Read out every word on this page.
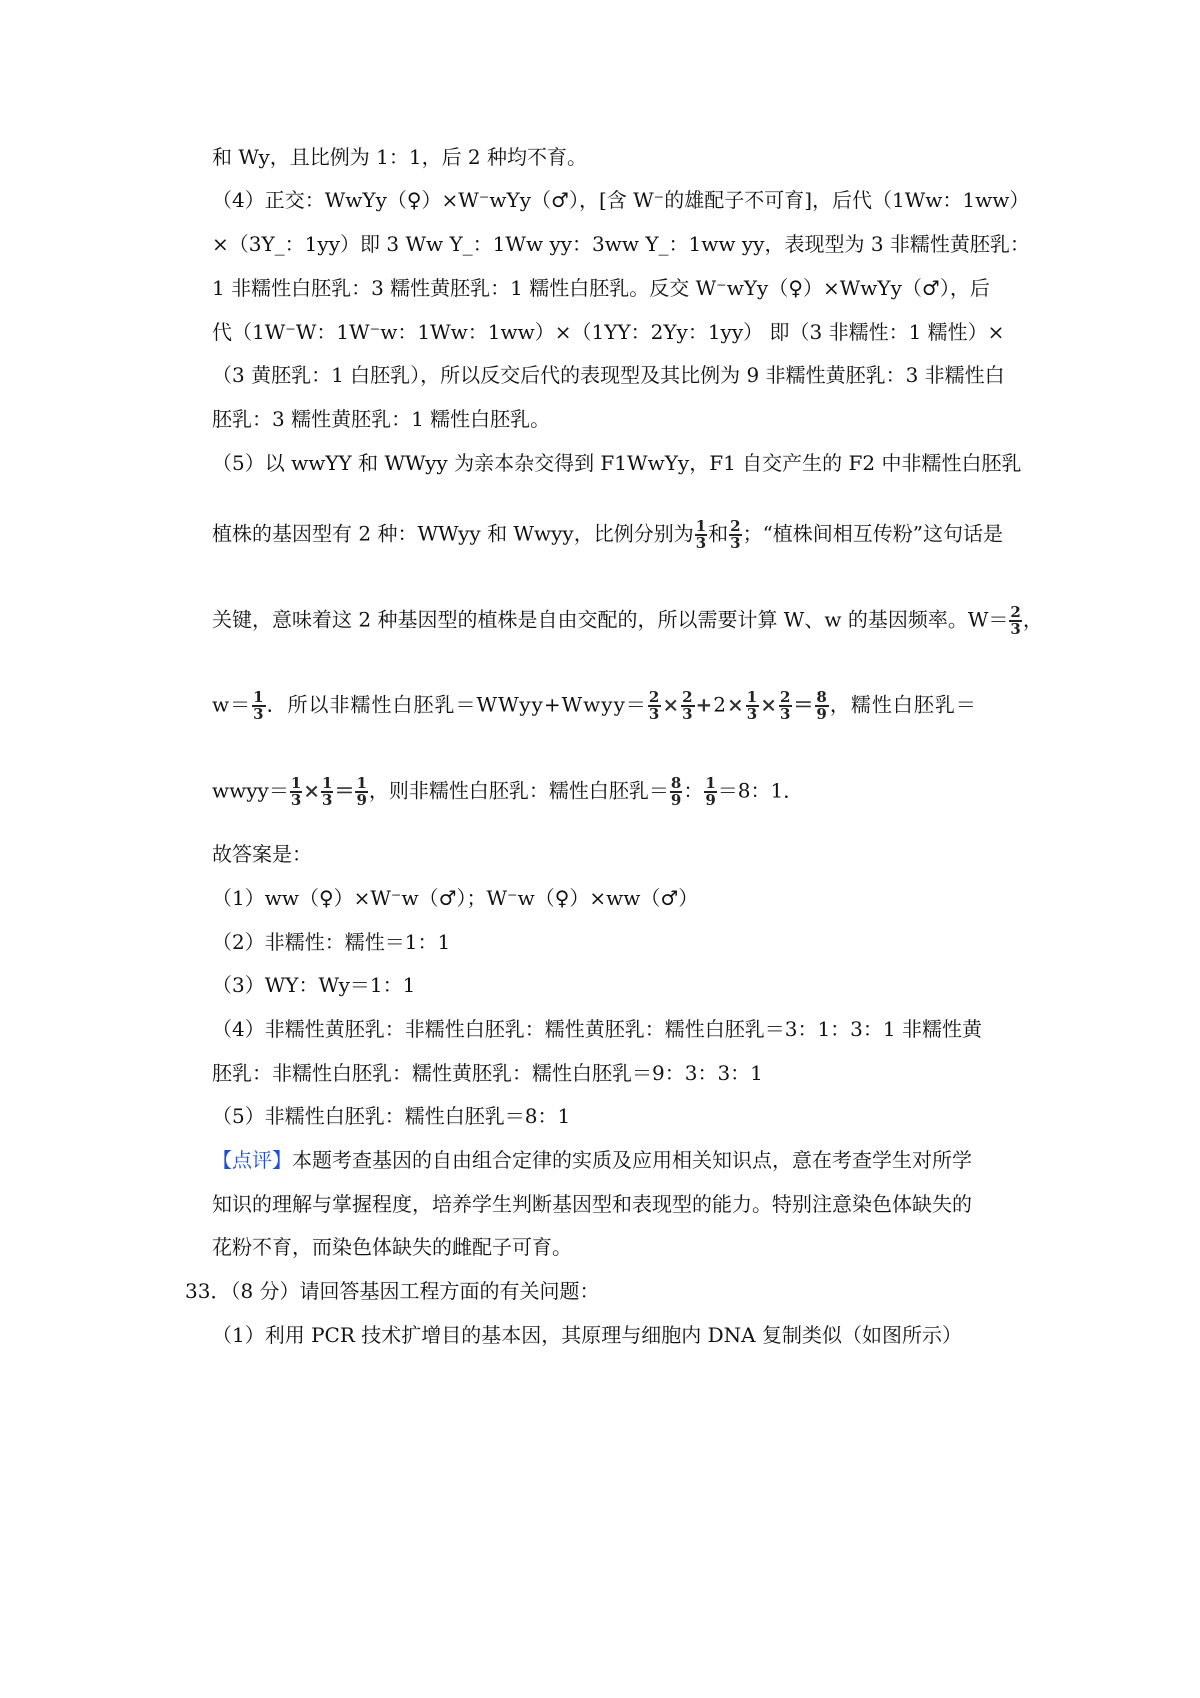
和 Wy，且比例为 1：1，后 2 种均不育。
（4）正交：WwYy（♀）×W⁻wYy（♂），[含 W⁻的雄配子不可育]，后代（1Ww：1ww）
×（3Y_：1yy）即 3 Ww Y_：1Ww yy：3ww Y_：1ww yy，表现型为 3 非糯性黄胚乳：
1 非糯性白胚乳：3 糯性黄胚乳：1 糯性白胚乳。反交 W⁻wYy（♀）×WwYy（♂），后
代（1W⁻W：1W⁻w：1Ww：1ww）×（1YY：2Yy：1yy） 即（3 非糯性：1 糯性）×
（3 黄胚乳：1 白胚乳），所以反交后代的表现型及其比例为 9 非糯性黄胚乳：3 非糯性白
胚乳：3 糯性黄胚乳：1 糯性白胚乳。
（5）以 wwYY 和 WWyy 为亲本杂交得到 F1WwYy，F1 自交产生的 F2 中非糯性白胚乳
植株的基因型有 2 种：WWyy 和 Wwyy，比例分别为 $\frac{1}{3}$ 和 $\frac{2}{3}$ ；“植株间相互传粉”这句话是
关键，意味着这 2 种基因型的植株是自由交配的，所以需要计算 W、w 的基因频率。$W= \frac{2}{3}$ ，
$w= \frac{1}{3}$ ．所以非糯性白胚乳＝WWyy+Wwyy＝ $\frac{2}{3} \times \frac{2}{3} +2\times \frac{1}{3} \times \frac{2}{3} = \frac{8}{9}$ ，糯性白胚乳＝
wwyy＝ $\frac{1}{3} \times \frac{1}{3} = \frac{1}{9}$ ，则非糯性白胚乳：糯性白胚乳＝ $\frac{8}{9}$ ： $\frac{1}{9} =8$：1．
故答案是：
（1）ww（♀）×W⁻w（♂）；W⁻w（♀）×ww（♂）
（2）非糯性：糯性＝1：1
（3）WY：Wy＝1：1
（4）非糯性黄胚乳：非糯性白胚乳：糯性黄胚乳：糯性白胚乳＝3：1：3：1 非糯性黄
胚乳：非糯性白胚乳：糯性黄胚乳：糯性白胚乳＝9：3：3：1
（5）非糯性白胚乳：糯性白胚乳＝8：1
【点评】本题考查基因的自由组合定律的实质及应用相关知识点，意在考查学生对所学
知识的理解与掌握程度，培养学生判断基因型和表现型的能力。特别注意染色体缺失的
花粉不育，而染色体缺失的雌配子可育。
33．（8 分）请回答基因工程方面的有关问题：
（1）利用 PCR 技术扩增目的基本因，其原理与细胞内 DNA 复制类似（如图所示）
